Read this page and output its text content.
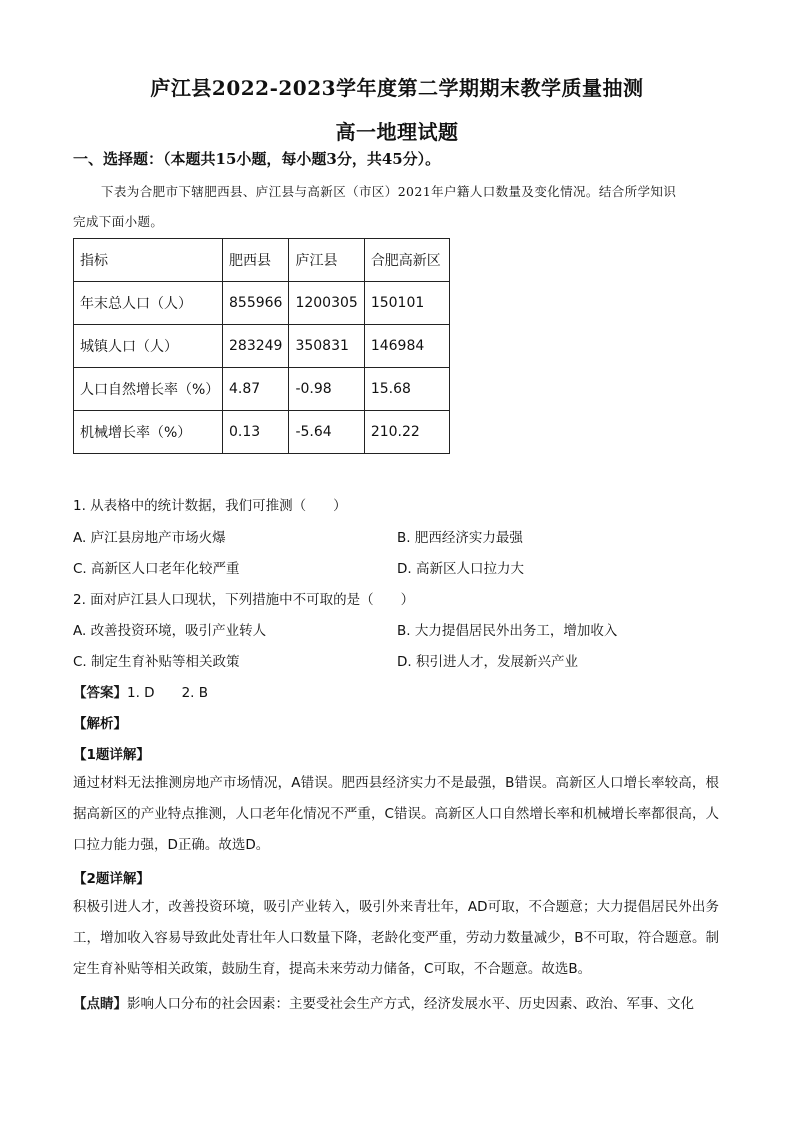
庐江县2022-2023学年度第二学期期末教学质量抽测
高一地理试题
一、选择题：（本题共15小题，每小题3分，共45分）。
下表为合肥市下辖肥西县、庐江县与高新区（市区）2021年户籍人口数量及变化情况。结合所学知识
完成下面小题。
指标	肥西县	庐江县	合肥高新区
年末总人口（人）	855966	1200305	150101
城镇人口（人）	283249	350831	146984
人口自然增长率（%）	4.87	-0.98	15.68
机械增长率（%）	0.13	-5.64	210.22
1. 从表格中的统计数据，我们可推测（　　）
A. 庐江县房地产市场火爆	B. 肥西经济实力最强
C. 高新区人口老年化较严重	D. 高新区人口拉力大
2. 面对庐江县人口现状，下列措施中不可取的是（　　）
A. 改善投资环境，吸引产业转人	B. 大力提倡居民外出务工，增加收入
C. 制定生育补贴等相关政策	D. 积引进人才，发展新兴产业
【答案】1. D　　2. B
【解析】
【1题详解】
通过材料无法推测房地产市场情况，A错误。肥西县经济实力不是最强，B错误。高新区人口增长率较高，根据高新区的产业特点推测，人口老年化情况不严重，C错误。高新区人口自然增长率和机械增长率都很高，人口拉力能力强，D正确。故选D。
【2题详解】
积极引进人才，改善投资环境，吸引产业转入，吸引外来青壮年，AD可取，不合题意；大力提倡居民外出务工，增加收入容易导致此处青壮年人口数量下降，老龄化变严重，劳动力数量减少，B不可取，符合题意。制定生育补贴等相关政策，鼓励生育，提高未来劳动力储备，C可取，不合题意。故选B。
【点睛】影响人口分布的社会因素：主要受社会生产方式，经济发展水平、历史因素、政治、军事、文化
